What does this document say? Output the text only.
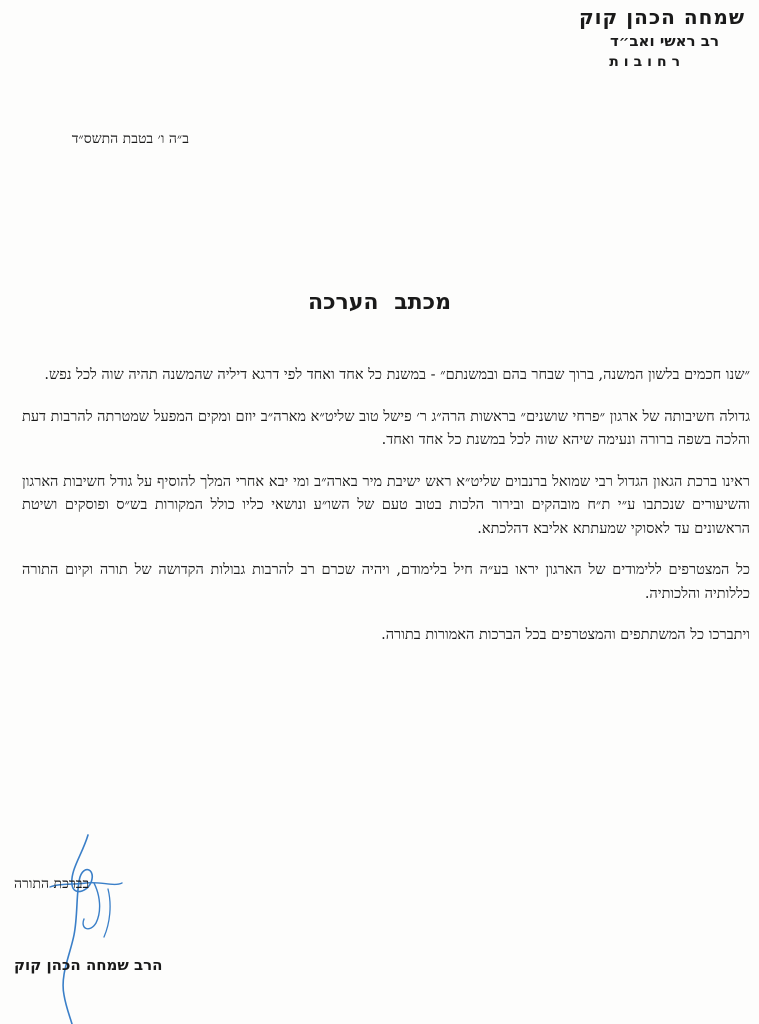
שמחה הכהן קוק
רב ראשי ואב״ד
רחובות
ב״ה ו׳ בטבת התשס״ד
מכתב הערכה

״שנו חכמים בלשון המשנה, ברוך שבחר בהם ובמשנתם״ - במשנת כל אחד ואחד לפי דרגא דיליה שהמשנה תהיה שוה לכל נפש.

גדולה חשיבותה של ארגון ״פרחי שושנים״ בראשות הרה״ג ר׳ פישל טוב שליט״א מארה״ב יוזם ומקים המפעל שמטרתה להרבות דעת והלכה בשפה ברורה ונעימה שיהא שוה לכל במשנת כל אחד ואחד.

ראינו ברכת הגאון הגדול רבי שמואל ברנבוים שליט״א ראש ישיבת מיר בארה״ב ומי יבא אחרי המלך להוסיף על גודל חשיבות הארגון והשיעורים שנכתבו ע״י ת״ח מובהקים ובירור הלכות בטוב טעם של השו״ע ונושאי כליו כולל המקורות בש״ס ופוסקים ושיטת הראשונים עד לאסוקי שמעתתא אליבא דהלכתא.

כל המצטרפים ללימודים של הארגון יראו בע״ה חיל בלימודם, ויהיה שכרם רב להרבות גבולות הקדושה של תורה וקיום התורה כללותיה והלכותיה.

ויתברכו כל המשתתפים והמצטרפים בכל הברכות האמורות בתורה.

בברכת התורה
הרב שמחה הכהן קוק
